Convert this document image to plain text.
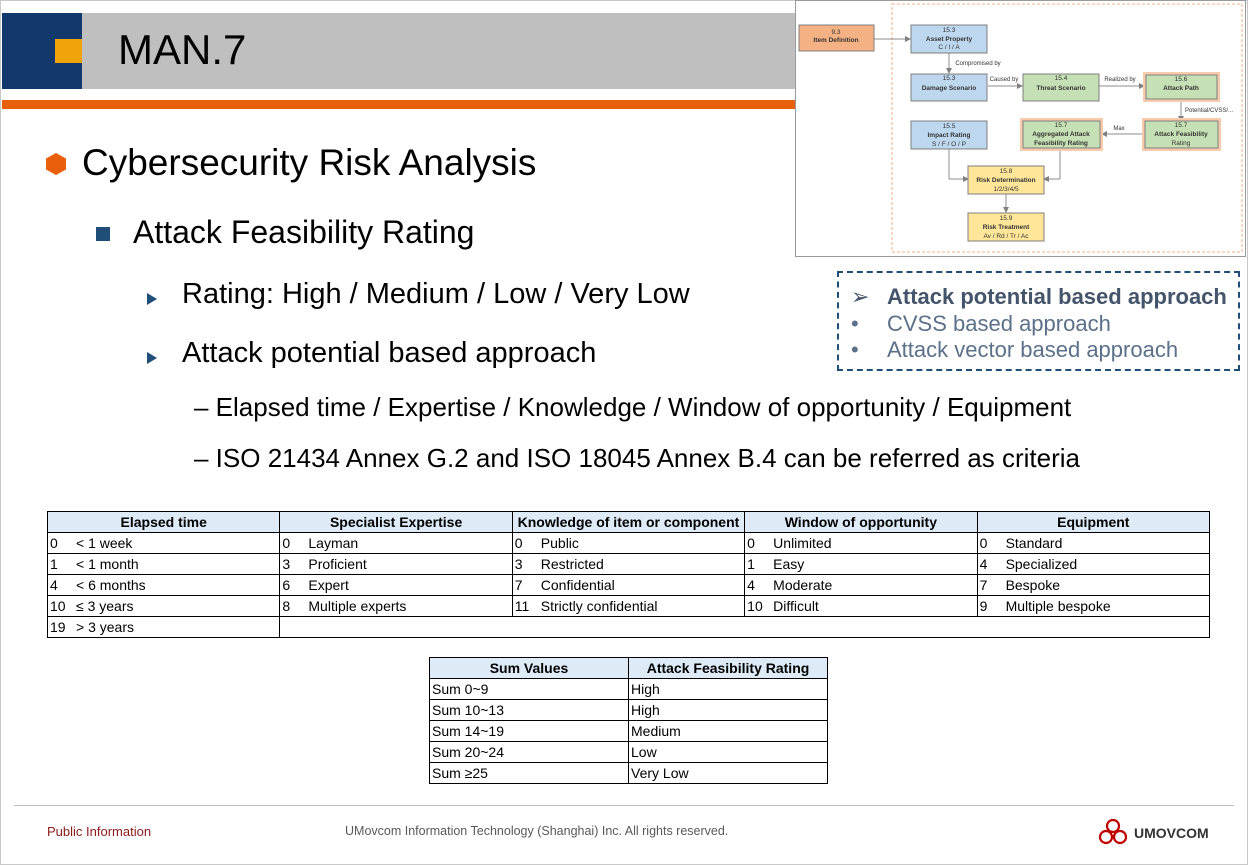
MAN.7
Cybersecurity Risk Analysis
Attack Feasibility Rating
Rating: High / Medium / Low / Very Low
Attack potential based approach
– Elapsed time / Expertise / Knowledge / Window of opportunity / Equipment
– ISO 21434 Annex G.2 and ISO 18045 Annex B.4 can be referred as criteria
➢ Attack potential based approach
• CVSS based approach
• Attack vector based approach
9.3
Item Definition
15.3
Asset Property
C / I / A
Compromised by
15.3
Damage Scenario
Caused by	15.4
Threat Scenario
Realized by	15.6
Attack Path
Potential/CVSS/...
15.5
Impact Rating
S / F / O / P
15.7
Aggregated Attack
Feasibility Rating
Max	15.7
Attack Feasibility
Rating
15.8
Risk Determination
1/2/3/4/5
15.9
Risk Treatment
Av / Rd / Tr / Ac
Elapsed time	Specialist Expertise	Knowledge of item or component	Window of opportunity	Equipment
0 < 1 week	0 Layman	0 Public	0 Unlimited	0 Standard
1 < 1 month	3 Proficient	3 Restricted	1 Easy	4 Specialized
4 < 6 months	6 Expert	7 Confidential	4 Moderate	7 Bespoke
10 ≤ 3 years	8 Multiple experts	11 Strictly confidential	10 Difficult	9 Multiple bespoke
19 > 3 years				
Sum Values	Attack Feasibility Rating
Sum 0~9	High
Sum 10~13	High
Sum 14~19	Medium
Sum 20~24	Low
Sum ≥25	Very Low
Public Information	UMovcom Information Technology (Shanghai) Inc. All rights reserved.	UMOVCOM
